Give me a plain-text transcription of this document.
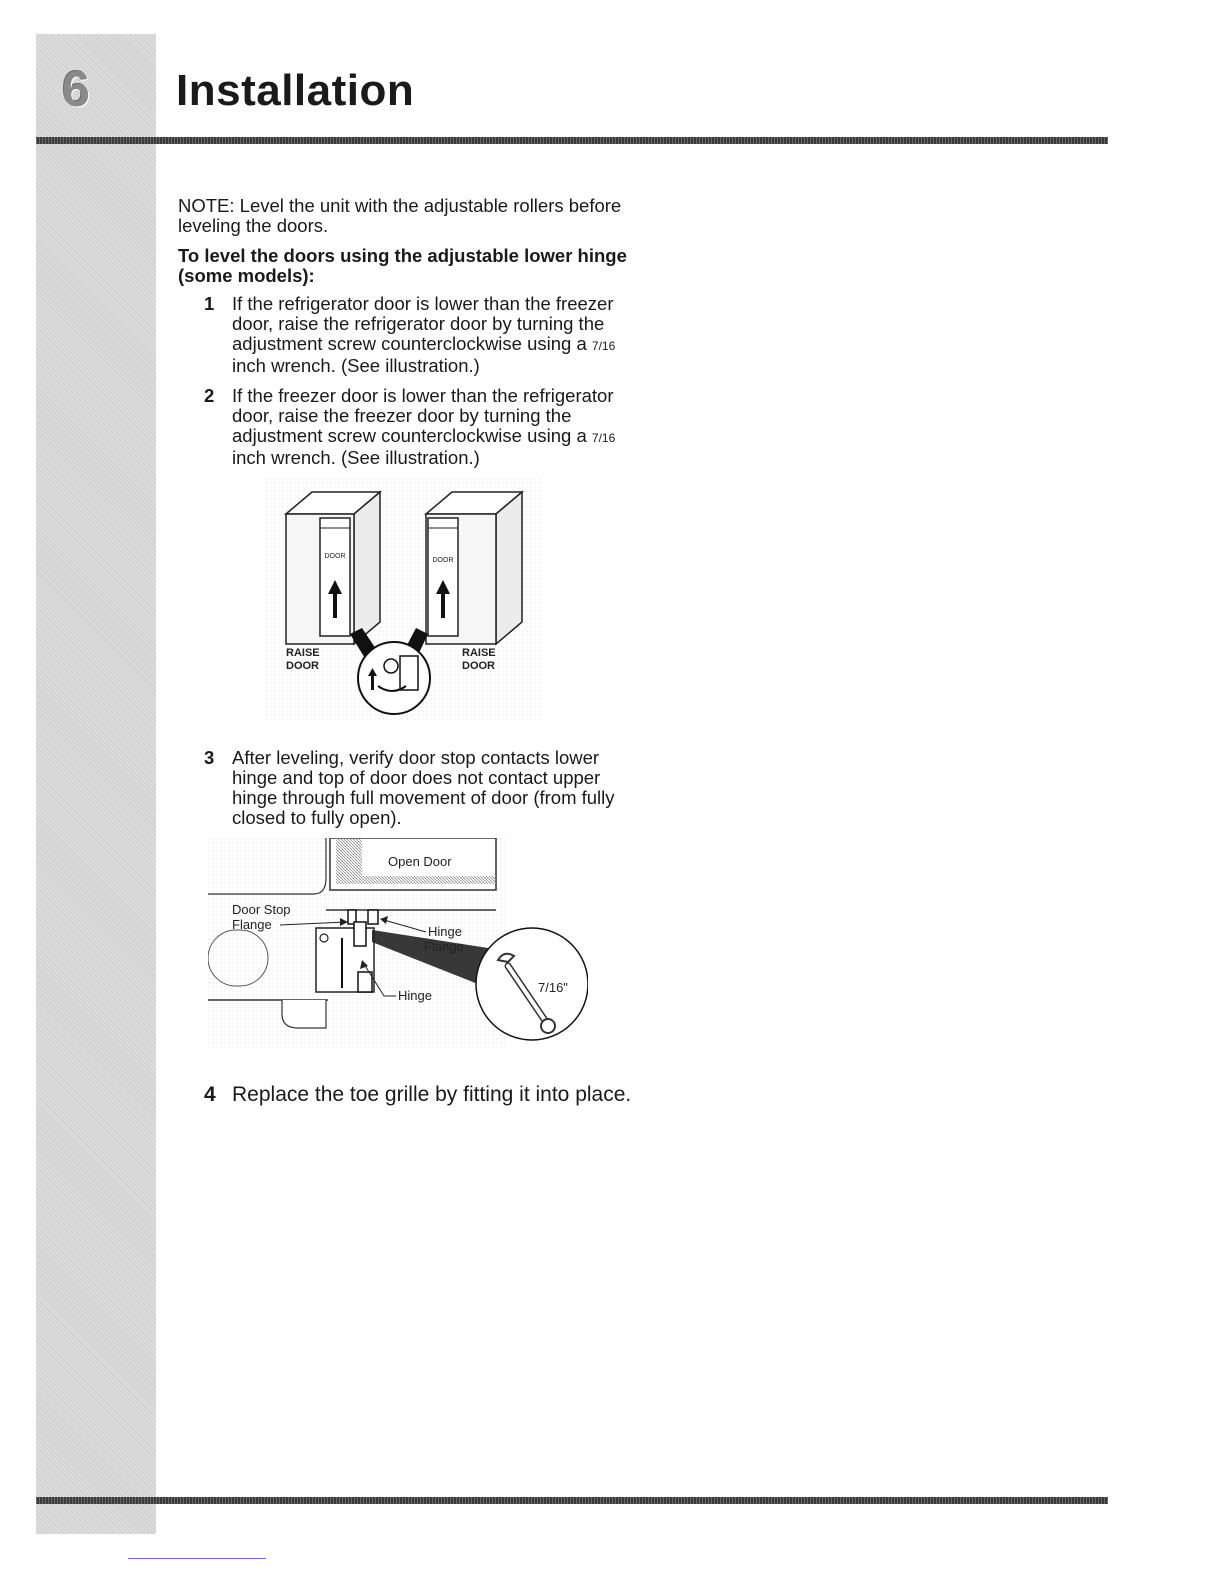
6	Installation

NOTE: Level the unit with the adjustable rollers before leveling the doors.

To level the doors using the adjustable lower hinge (some models):

1 If the refrigerator door is lower than the freezer door, raise the refrigerator door by turning the adjustment screw counterclockwise using a 7/16 inch wrench. (See illustration.)
2 If the freezer door is lower than the refrigerator door, raise the freezer door by turning the adjustment screw counterclockwise using a 7/16 inch wrench. (See illustration.)
DOOR
DOOR
RAISE
DOOR
RAISE
DOOR
3 After leveling, verify door stop contacts lower hinge and top of door does not contact upper hinge through full movement of door (from fully closed to fully open).
Open Door
7/16"
Door Stop
Flange	Hinge
Flange
Hinge
4 Replace the toe grille by fitting it into place.
